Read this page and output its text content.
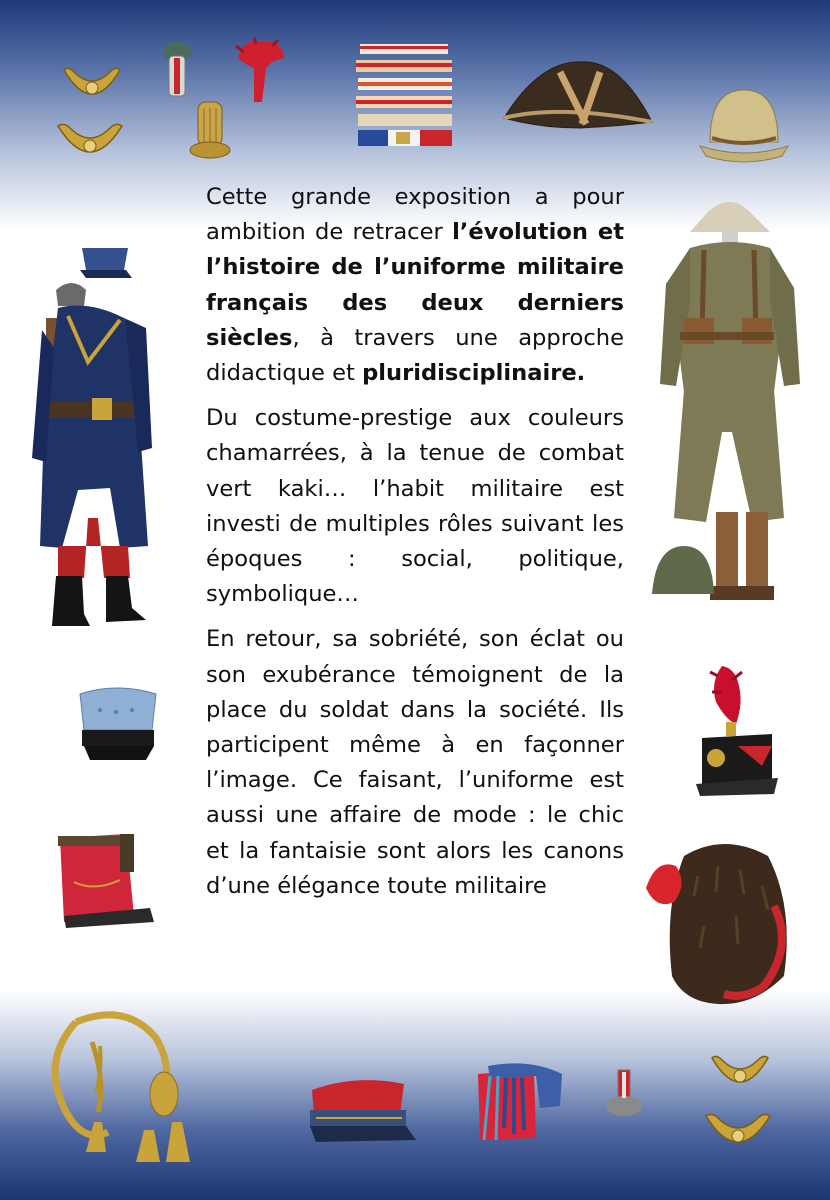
Cette grande exposition a pour ambition de retracer l’évolution et l’histoire de l’uniforme militaire français des deux derniers siècles, à travers une approche didactique et pluridisciplinaire.

Du costume-prestige aux couleurs chamarrées, à la tenue de combat vert kaki… l’habit militaire est investi de multiples rôles suivant les époques : social, politique, symbolique…

En retour, sa sobriété, son éclat ou son exubérance témoignent de la place du soldat dans la société. Ils participent même à en façonner l’image. Ce faisant, l’uniforme est aussi une affaire de mode : le chic et la fantaisie sont alors les canons d’une élégance toute militaire
